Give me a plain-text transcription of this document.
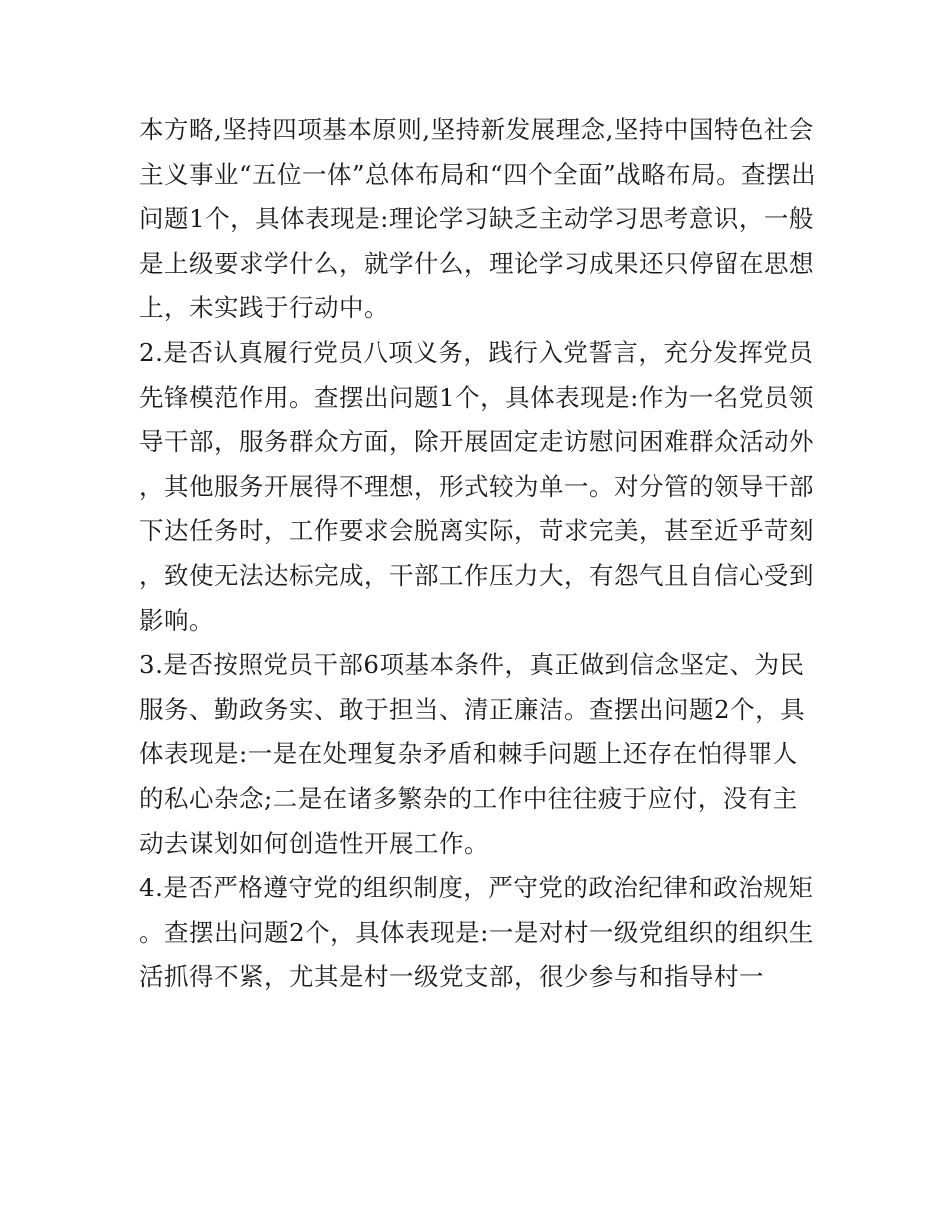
本方略,坚持四项基本原则,坚持新发展理念,坚持中国特色社会主义事业“五位一体”总体布局和“四个全面”战略布局。查摆出问题1个，具体表现是:理论学习缺乏主动学习思考意识，一般是上级要求学什么，就学什么，理论学习成果还只停留在思想上，未实践于行动中。

2.是否认真履行党员八项义务，践行入党誓言，充分发挥党员先锋模范作用。查摆出问题1个，具体表现是:作为一名党员领导干部，服务群众方面，除开展固定走访慰问困难群众活动外，其他服务开展得不理想，形式较为单一。对分管的领导干部下达任务时，工作要求会脱离实际，苛求完美，甚至近乎苛刻，致使无法达标完成，干部工作压力大，有怨气且自信心受到影响。

3.是否按照党员干部6项基本条件，真正做到信念坚定、为民服务、勤政务实、敢于担当、清正廉洁。查摆出问题2个，具体表现是:一是在处理复杂矛盾和棘手问题上还存在怕得罪人的私心杂念;二是在诸多繁杂的工作中往往疲于应付，没有主动去谋划如何创造性开展工作。

4.是否严格遵守党的组织制度，严守党的政治纪律和政治规矩。查摆出问题2个，具体表现是:一是对村一级党组织的组织生活抓得不紧，尤其是村一级党支部，很少参与和指导村一
